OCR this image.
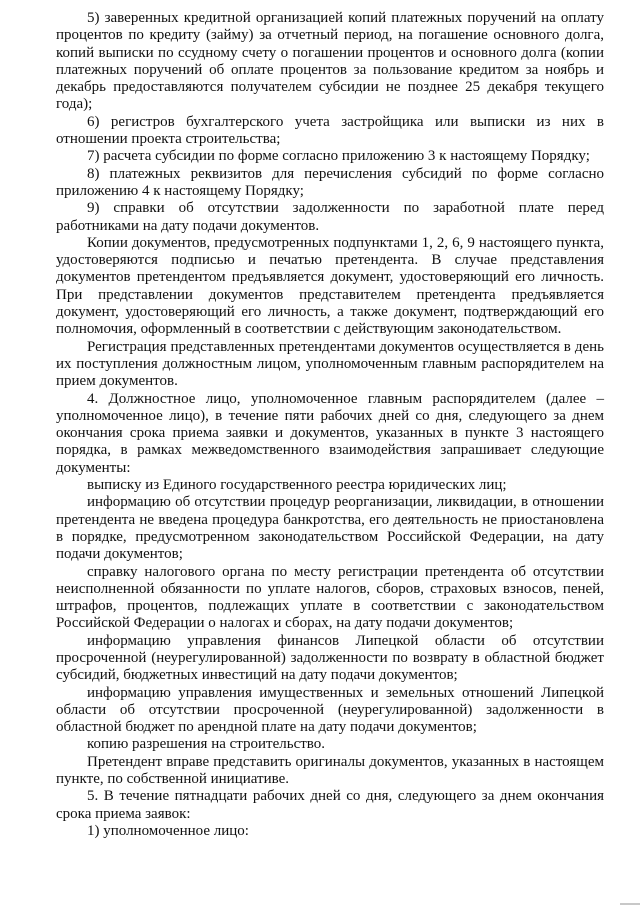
5) заверенных кредитной организацией копий платежных поручений на оплату процентов по кредиту (займу) за отчетный период, на погашение основного долга, копий выписки по ссудному счету о погашении процентов и основного долга (копии платежных поручений об оплате процентов за пользование кредитом за ноябрь и декабрь предоставляются получателем субсидии не позднее 25 декабря текущего года);

6) регистров бухгалтерского учета застройщика или выписки из них в отношении проекта строительства;

7) расчета субсидии по форме согласно приложению 3 к настоящему Порядку;

8) платежных реквизитов для перечисления субсидий по форме согласно приложению 4 к настоящему Порядку;

9) справки об отсутствии задолженности по заработной плате перед работниками на дату подачи документов.

Копии документов, предусмотренных подпунктами 1, 2, 6, 9 настоящего пункта, удостоверяются подписью и печатью претендента. В случае представления документов претендентом предъявляется документ, удостоверяющий его личность. При представлении документов представителем претендента предъявляется документ, удостоверяющий его личность, а также документ, подтверждающий его полномочия, оформленный в соответствии с действующим законодательством.

Регистрация представленных претендентами документов осуществляется в день их поступления должностным лицом, уполномоченным главным распорядителем на прием документов.

4. Должностное лицо, уполномоченное главным распорядителем (далее – уполномоченное лицо), в течение пяти рабочих дней со дня, следующего за днем окончания срока приема заявки и документов, указанных в пункте 3 настоящего порядка, в рамках межведомственного взаимодействия запрашивает следующие документы:

выписку из Единого государственного реестра юридических лиц;

информацию об отсутствии процедур реорганизации, ликвидации, в отношении претендента не введена процедура банкротства, его деятельность не приостановлена в порядке, предусмотренном законодательством Российской Федерации, на дату подачи документов;

справку налогового органа по месту регистрации претендента об отсутствии неисполненной обязанности по уплате налогов, сборов, страховых взносов, пеней, штрафов, процентов, подлежащих уплате в соответствии с законодательством Российской Федерации о налогах и сборах, на дату подачи документов;

информацию управления финансов Липецкой области об отсутствии просроченной (неурегулированной) задолженности по возврату в областной бюджет субсидий, бюджетных инвестиций на дату подачи документов;

информацию управления имущественных и земельных отношений Липецкой области об отсутствии просроченной (неурегулированной) задолженности в областной бюджет по арендной плате на дату подачи документов;

копию разрешения на строительство.

Претендент вправе представить оригиналы документов, указанных в настоящем пункте, по собственной инициативе.

5. В течение пятнадцати рабочих дней со дня, следующего за днем окончания срока приема заявок:

1) уполномоченное лицо:
